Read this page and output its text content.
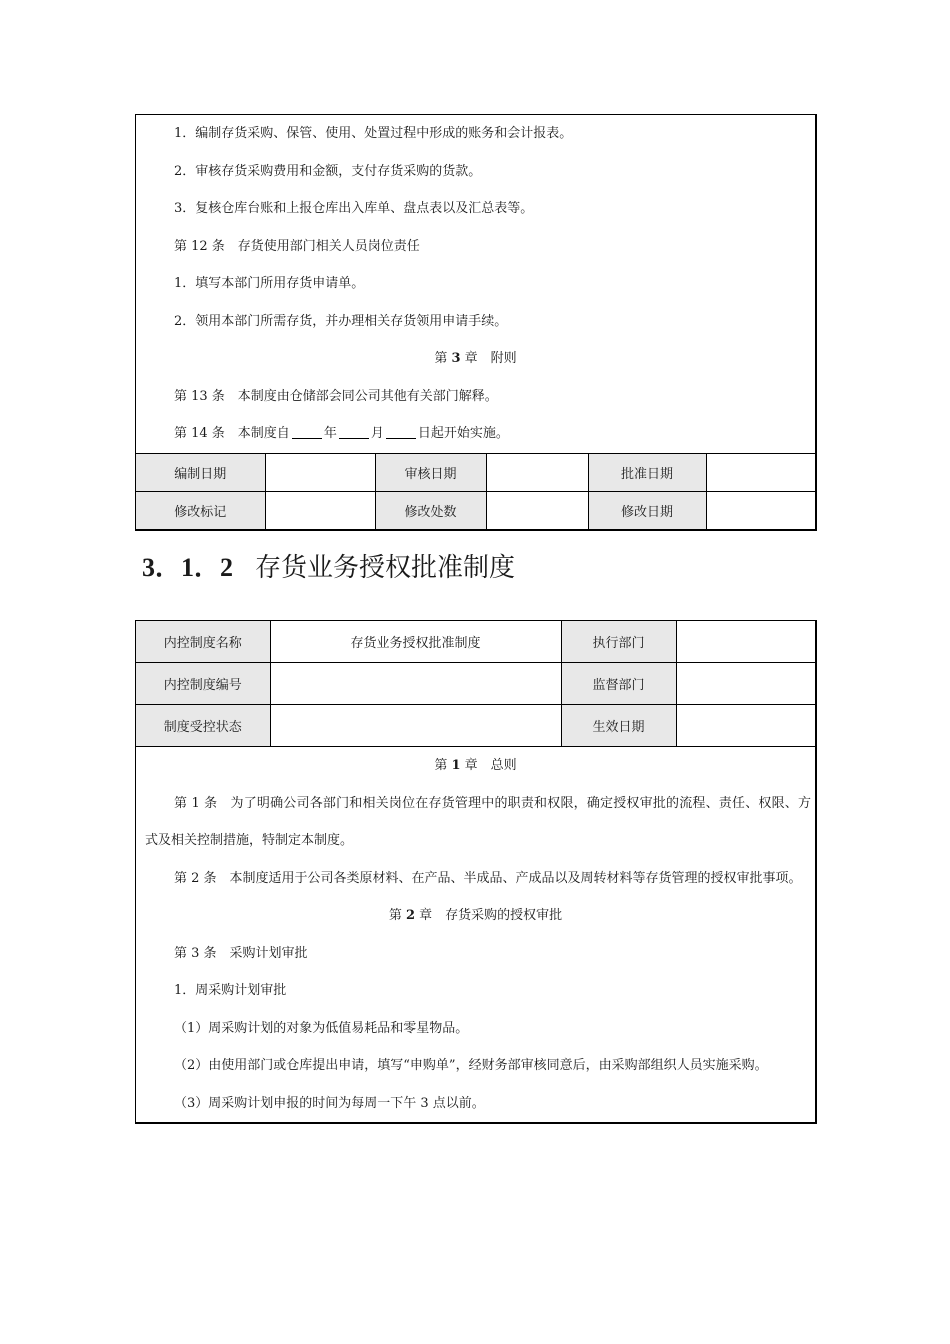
1．编制存货采购、保管、使用、处置过程中形成的账务和会计报表。
2．审核存货采购费用和金额，支付存货采购的货款。
3．复核仓库台账和上报仓库出入库单、盘点表以及汇总表等。
第 12 条　存货使用部门相关人员岗位责任
1．填写本部门所用存货申请单。
2．领用本部门所需存货，并办理相关存货领用申请手续。
第 3 章　附则
第 13 条　本制度由仓储部会同公司其他有关部门解释。
第 14 条　本制度自	年	月	日起开始实施。
编制日期		审核日期		批准日期	
修改标记		修改处数		修改日期	
3．1．2 存货业务授权批准制度
内控制度名称	存货业务授权批准制度	执行部门	
内控制度编号		监督部门	
制度受控状态		生效日期	
第 1 章　总则
第 1 条　为了明确公司各部门和相关岗位在存货管理中的职责和权限，确定授权审批的流程、责任、权限、方式及相关控制措施，特制定本制度。
第 2 条　本制度适用于公司各类原材料、在产品、半成品、产成品以及周转材料等存货管理的授权审批事项。
第 2 章　存货采购的授权审批
第 3 条　采购计划审批
1．周采购计划审批
（1）周采购计划的对象为低值易耗品和零星物品。
（2）由使用部门或仓库提出申请，填写“申购单”，经财务部审核同意后，由采购部组织人员实施采购。
（3）周采购计划申报的时间为每周一下午 3 点以前。
